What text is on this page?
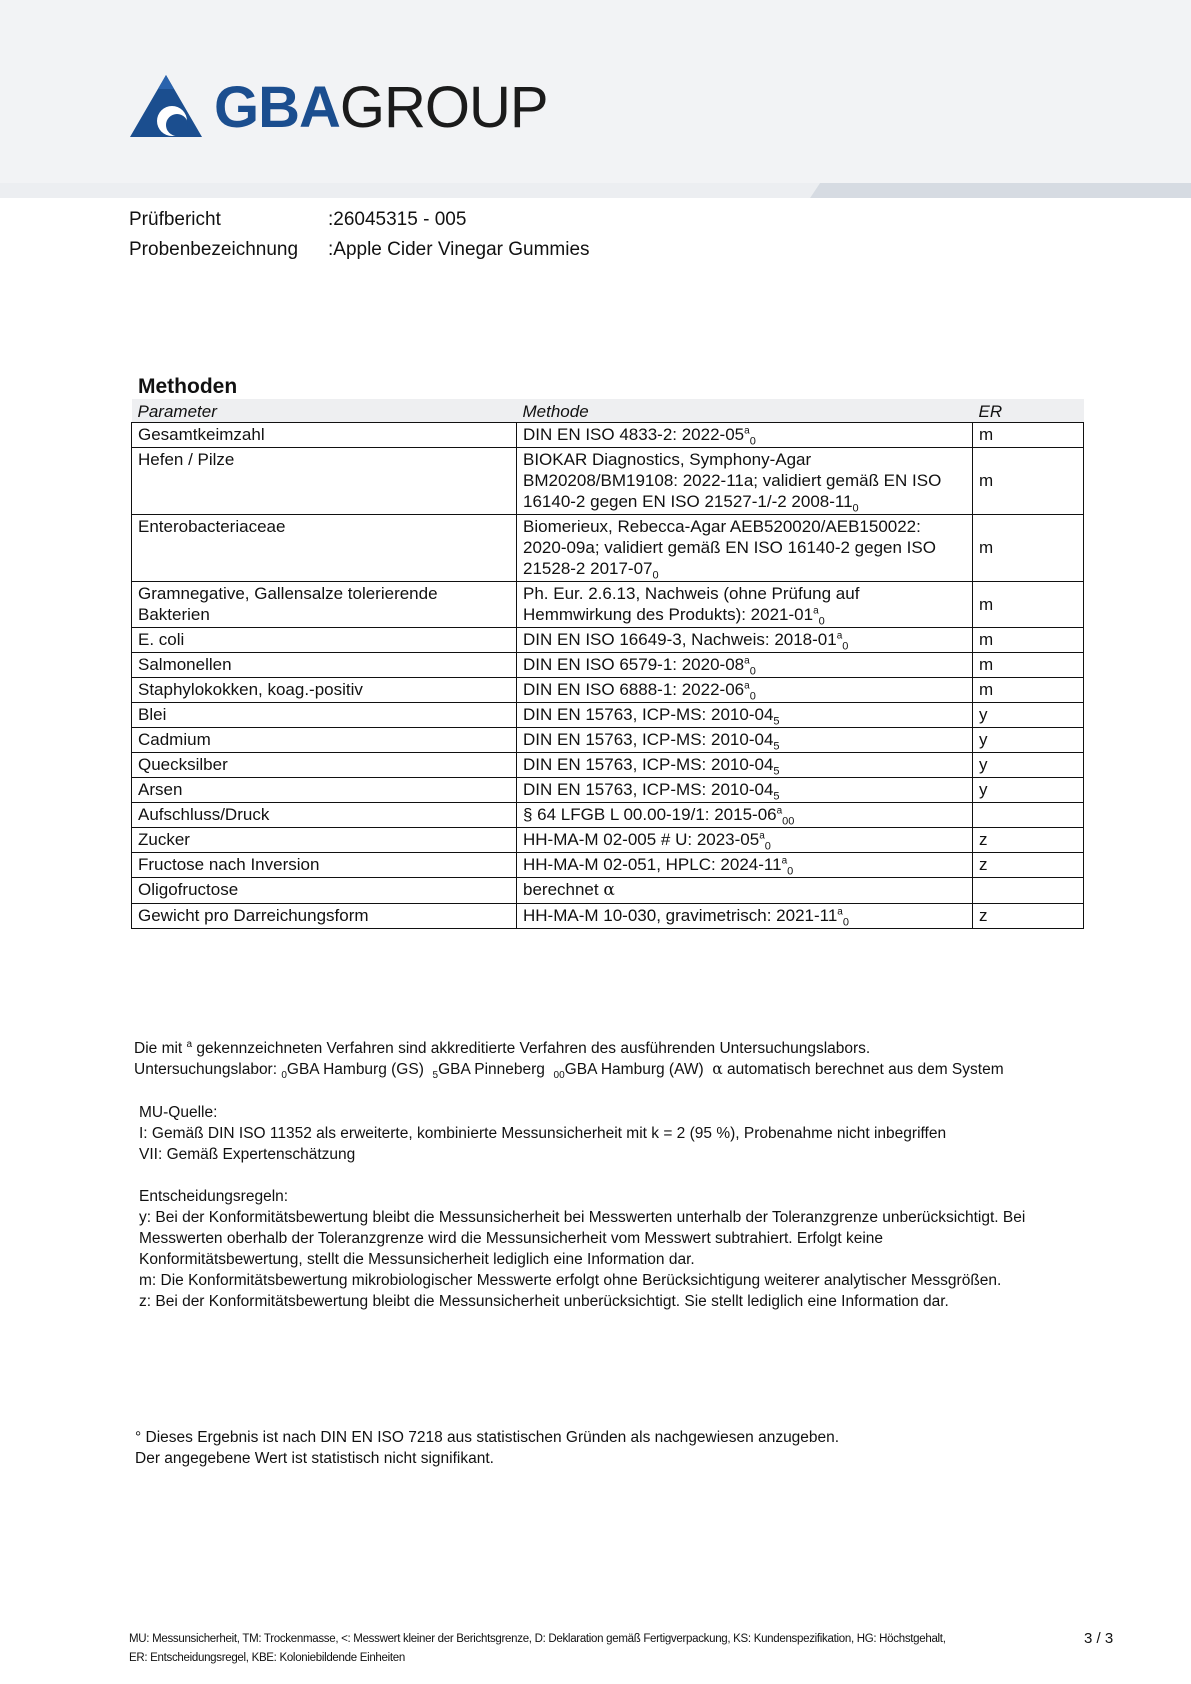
GBAGROUP
Prüfbericht	:26045315 - 005
Probenbezeichnung :Apple Cider Vinegar Gummies
Methoden
Parameter	Methode	ER
Gesamtkeimzahl	DIN EN ISO 4833-2: $2022-05^a_0$	m
Hefen / Pilze	BIOKAR Diagnostics, Symphony-Agar BM20208/BM19108: 2022-11a; validiert gemäß EN ISO 16140-2 gegen EN ISO 21527-1/-2 $2008-11_0$	m
Enterobacteriaceae	Biomerieux, Rebecca-Agar AEB520020/AEB150022: 2020-09a; validiert gemäß EN ISO 16140-2 gegen ISO 21528-2 $2017-07_0$	m
Gramnegative, Gallensalze tolerierende Bakterien	Ph. Eur. 2.6.13, Nachweis (ohne Prüfung auf Hemmwirkung des Produkts): $2021-01^a_0$	m
E. coli	DIN EN ISO 16649-3, Nachweis: $2018-01^a_0$	m
Salmonellen	DIN EN ISO 6579-1: $2020-08^a_0$	m
Staphylokokken, koag.-positiv	DIN EN ISO 6888-1: $2022-06^a_0$	m
Blei	DIN EN 15763, ICP-MS: $2010-04_5$	y
Cadmium	DIN EN 15763, ICP-MS: $2010-04_5$	y
Quecksilber	DIN EN 15763, ICP-MS: $2010-04_5$	y
Arsen	DIN EN 15763, ICP-MS: $2010-04_5$	y
Aufschluss/Druck	§ 64 LFGB L 00.00-19/1: $2015-06^a_{00}$	
Zucker	HH-MA-M 02-005 # U: $2023-05^a_0$	z
Fructose nach Inversion	HH-MA-M 02-051, HPLC: $2024-11^a_0$	z
Oligofructose	berechnet α	
Gewicht pro Darreichungsform	HH-MA-M 10-030, gravimetrisch: $2021-11^a_0$	z
Die mit $^a$ gekennzeichneten Verfahren sind akkreditierte Verfahren des ausführenden Untersuchungslabors.
Untersuchungslabor: $_0$GBA Hamburg (GS) $_5$GBA Pinneberg $_{00}$GBA Hamburg (AW) α automatisch berechnet aus dem System
MU-Quelle:
I: Gemäß DIN ISO 11352 als erweiterte, kombinierte Messunsicherheit mit k = 2 (95 %), Probenahme nicht inbegriffen
VII: Gemäß Expertenschätzung
Entscheidungsregeln:
y: Bei der Konformitätsbewertung bleibt die Messunsicherheit bei Messwerten unterhalb der Toleranzgrenze unberücksichtigt. Bei
Messwerten oberhalb der Toleranzgrenze wird die Messunsicherheit vom Messwert subtrahiert. Erfolgt keine
Konformitätsbewertung, stellt die Messunsicherheit lediglich eine Information dar.
m: Die Konformitätsbewertung mikrobiologischer Messwerte erfolgt ohne Berücksichtigung weiterer analytischer Messgrößen.
z: Bei der Konformitätsbewertung bleibt die Messunsicherheit unberücksichtigt. Sie stellt lediglich eine Information dar.
° Dieses Ergebnis ist nach DIN EN ISO 7218 aus statistischen Gründen als nachgewiesen anzugeben.
Der angegebene Wert ist statistisch nicht signifikant.
MU: Messunsicherheit, TM: Trockenmasse, <: Messwert kleiner der Berichtsgrenze, D: Deklaration gemäß Fertigverpackung, KS: Kundenspezifikation, HG: Höchstgehalt,
ER: Entscheidungsregel, KBE: Koloniebildende Einheiten
3 / 3
